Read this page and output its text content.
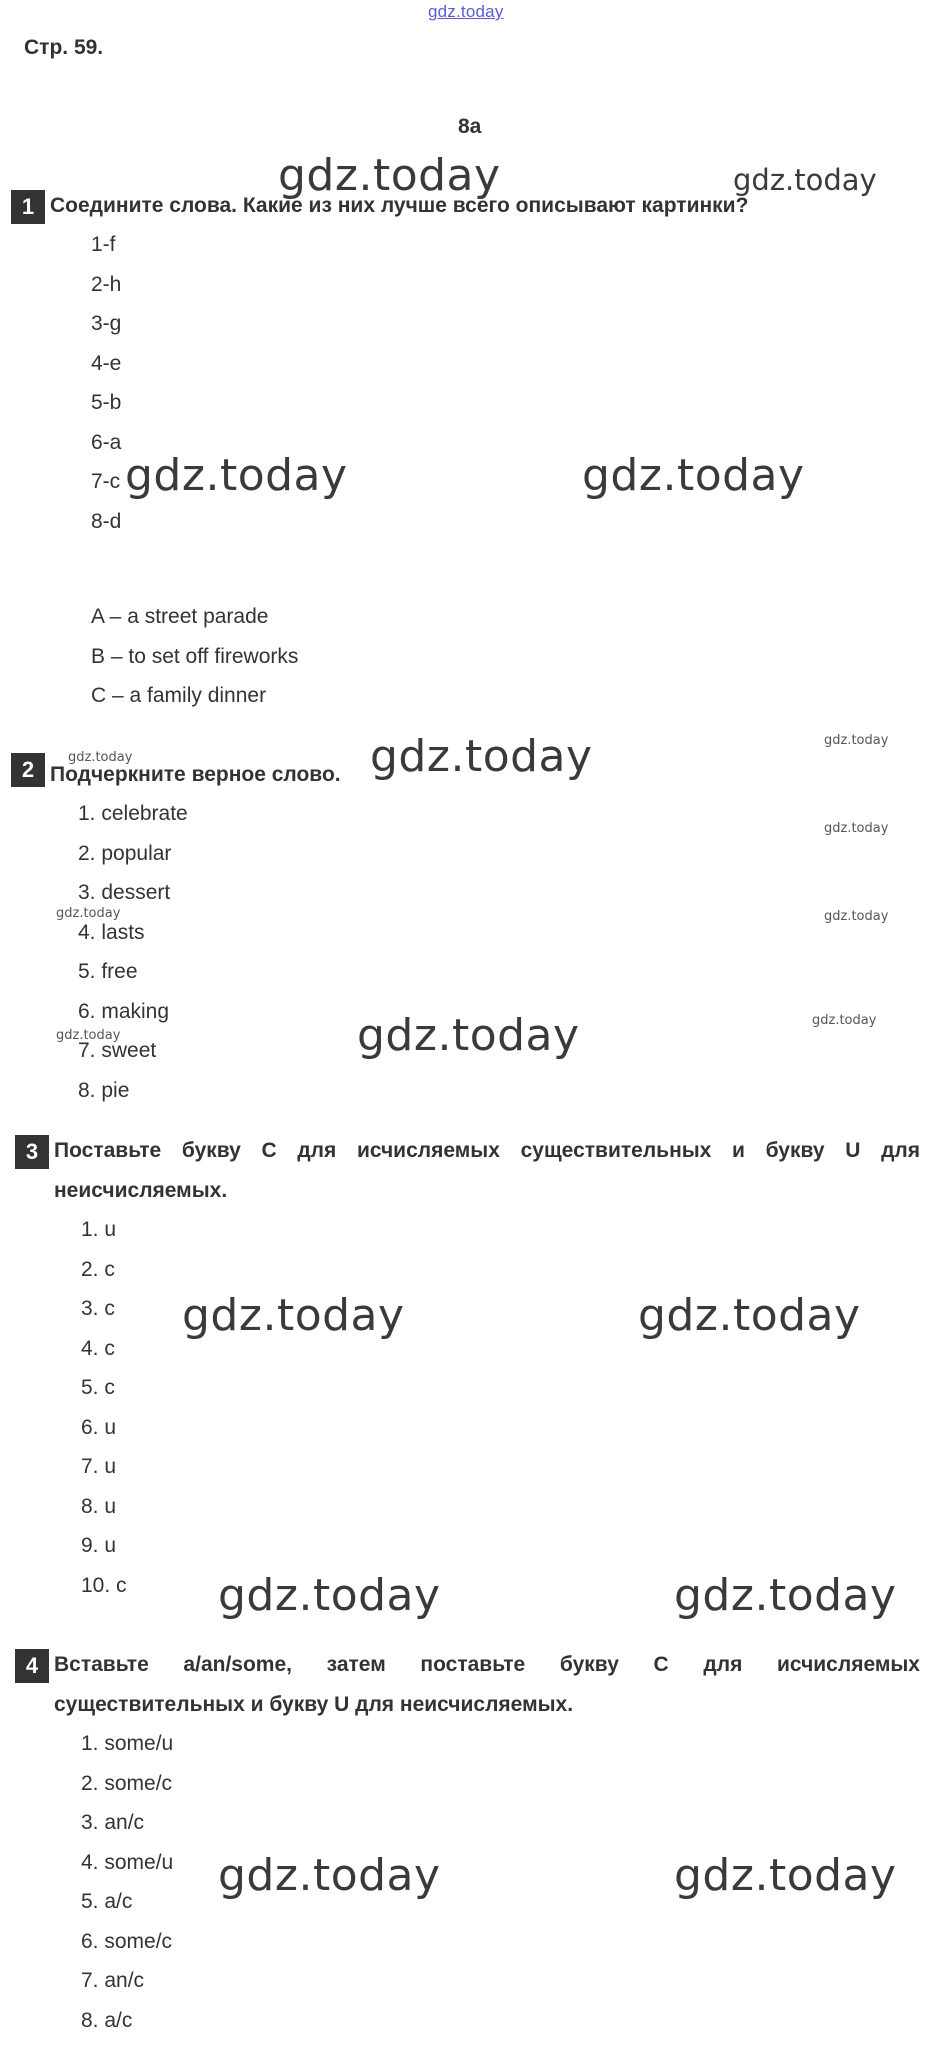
gdz.today
Стр. 59.
8a
1 Соедините слова. Какие из них лучше всего описывают картинки?
1-f
2-h
3-g
4-e
5-b
6-a
7-c
8-d
A – a street parade
B – to set off fireworks
C – a family dinner
2 Подчеркните верное слово.
1. celebrate
2. popular
3. dessert
4. lasts
5. free
6. making
7. sweet
8. pie
3 Поставьте букву С для исчисляемых существительных и букву U для
неисчисляемых.
1. u
2. c
3. c
4. c
5. c
6. u
7. u
8. u
9. u
10. c
4 Вставьте a/an/some, затем поставьте букву С для исчисляемых
существительных и букву U для неисчисляемых.
1. some/u
2. some/c
3. an/c
4. some/u
5. a/c
6. some/c
7. an/c
8. a/c
gdz.today	gdz.today
gdz.today	gdz.today
gdz.today
gdz.today	gdz.today
gdz.today
gdz.today	gdz.today
gdz.today
gdz.today	gdz.today
gdz.today	gdz.today
gdz.today	gdz.today
gdz.today	gdz.today
